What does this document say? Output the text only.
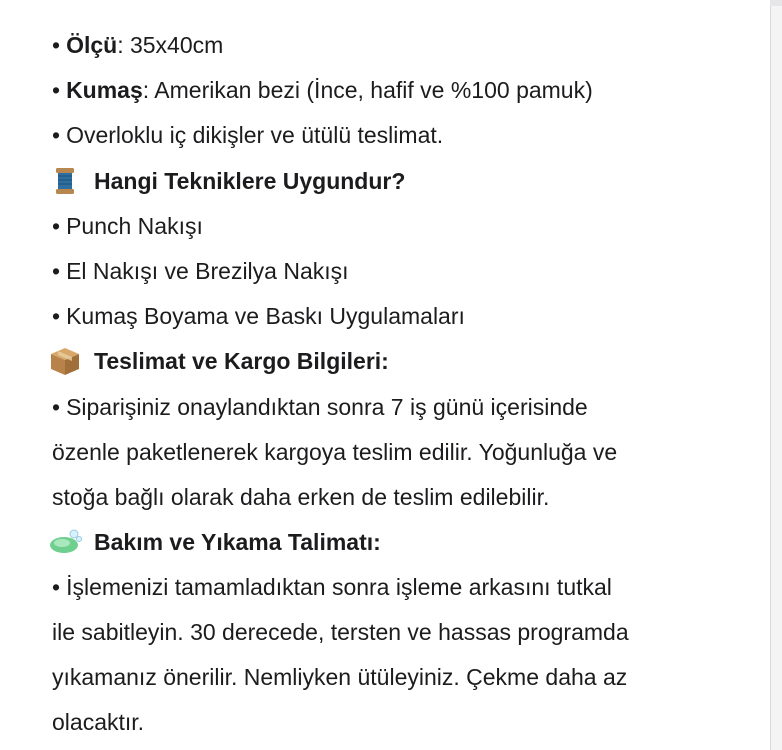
• Ölçü: 35x40cm
• Kumaş: Amerikan bezi (İnce, hafif ve %100 pamuk)
• Overloklu iç dikişler ve ütülü teslimat.
Hangi Tekniklere Uygundur?
• Punch Nakışı
• El Nakışı ve Brezilya Nakışı
• Kumaş Boyama ve Baskı Uygulamaları
Teslimat ve Kargo Bilgileri:
• Siparişiniz onaylandıktan sonra 7 iş günü içerisinde
özenle paketlenerek kargoya teslim edilir. Yoğunluğa ve
stoğa bağlı olarak daha erken de teslim edilebilir.
Bakım ve Yıkama Talimatı:
• İşlemenizi tamamladıktan sonra işleme arkasını tutkal
ile sabitleyin. 30 derecede, tersten ve hassas programda
yıkamanız önerilir. Nemliyken ütüleyiniz. Çekme daha az
olacaktır.
